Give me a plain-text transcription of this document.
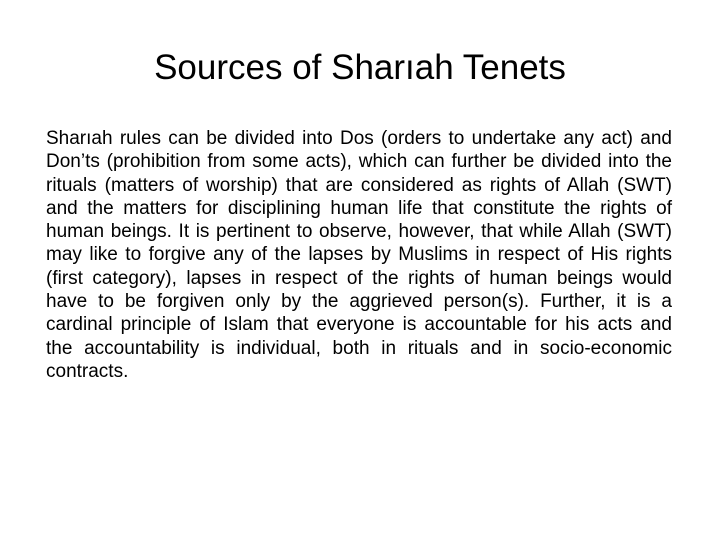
Sources of Sharıah Tenets

Sharıah rules can be divided into Dos (orders to undertake any act) and Don’ts (prohibition from some acts), which can further be divided into the rituals (matters of worship) that are considered as rights of Allah (SWT) and the matters for disciplining human life that constitute the rights of human beings. It is pertinent to observe, however, that while Allah (SWT) may like to forgive any of the lapses by Muslims in respect of His rights (first category), lapses in respect of the rights of human beings would have to be forgiven only by the aggrieved person(s). Further, it is a cardinal principle of Islam that everyone is accountable for his acts and the accountability is individual, both in rituals and in socio-economic contracts.
